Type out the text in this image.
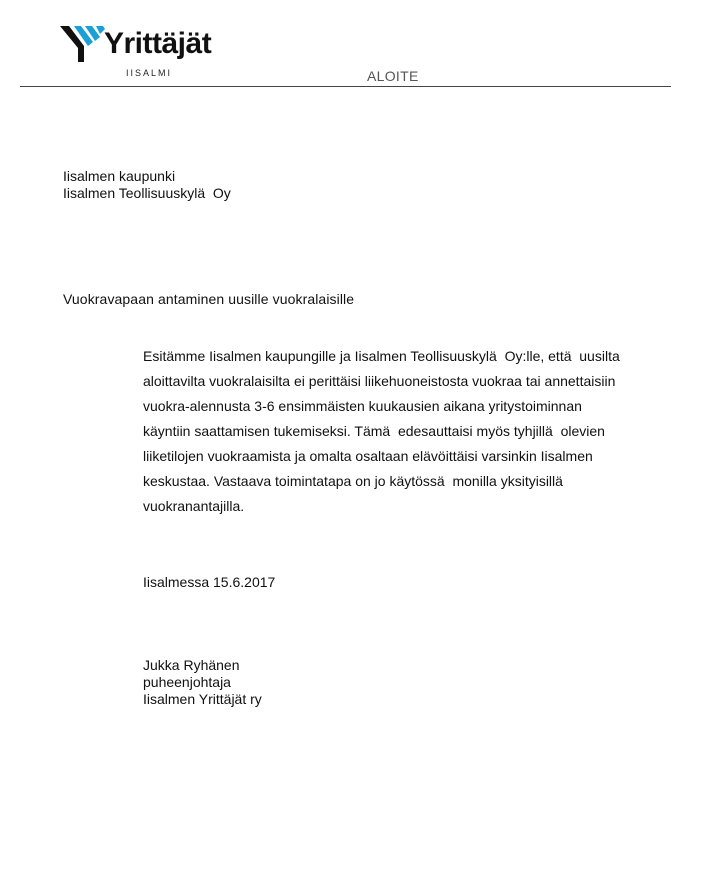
Yrittäjät
IISALMI	ALOITE
Iisalmen kaupunki
Iisalmen Teollisuuskylä  Oy
Vuokravapaan antaminen uusille vuokralaisille
Esitämme Iisalmen kaupungille ja Iisalmen Teollisuuskylä  Oy:lle, että  uusilta
aloittavilta vuokralaisilta ei perittäisi liikehuoneistosta vuokraa tai annettaisiin
vuokra-alennusta 3-6 ensimmäisten kuukausien aikana yritystoiminnan
käyntiin saattamisen tukemiseksi. Tämä  edesauttaisi myös tyhjillä  olevien
liiketilojen vuokraamista ja omalta osaltaan elävöittäisi varsinkin Iisalmen
keskustaa. Vastaava toimintatapa on jo käytössä  monilla yksityisillä
vuokranantajilla.
Iisalmessa 15.6.2017
Jukka Ryhänen
puheenjohtaja
Iisalmen Yrittäjät ry
